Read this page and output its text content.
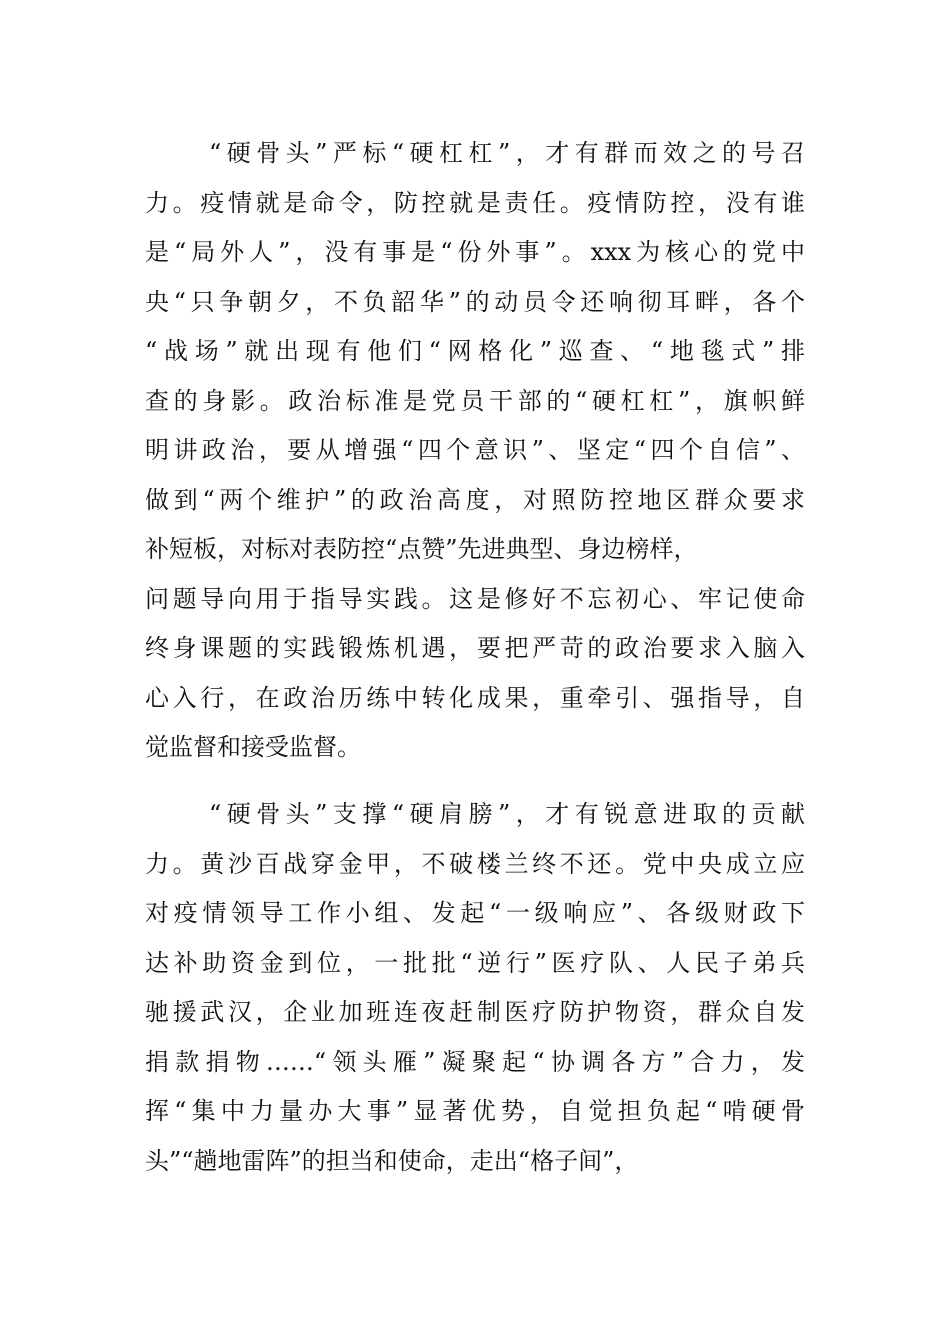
“硬骨头”严标“硬杠杠”，才有群而效之的号召
力。疫情就是命令，防控就是责任。疫情防控，没有谁
是“局外人”，没有事是“份外事”。xxx为核心的党中
央“只争朝夕，不负韶华”的动员令还响彻耳畔，各个
“战场”就出现有他们“网格化”巡查、“地毯式”排
查的身影。政治标准是党员干部的“硬杠杠”，旗帜鲜
明讲政治，要从增强“四个意识”、坚定“四个自信”、
做到“两个维护”的政治高度，对照防控地区群众要求
补短板，对标对表防控“点赞”先进典型、身边榜样，
问题导向用于指导实践。这是修好不忘初心、牢记使命
终身课题的实践锻炼机遇，要把严苛的政治要求入脑入
心入行，在政治历练中转化成果，重牵引、强指导，自
觉监督和接受监督。
“硬骨头”支撑“硬肩膀”，才有锐意进取的贡献
力。黄沙百战穿金甲，不破楼兰终不还。党中央成立应
对疫情领导工作小组、发起“一级响应”、各级财政下
达补助资金到位，一批批“逆行”医疗队、人民子弟兵
驰援武汉，企业加班连夜赶制医疗防护物资，群众自发
捐款捐物……“领头雁”凝聚起“协调各方”合力，发
挥“集中力量办大事”显著优势，自觉担负起“啃硬骨
头”“趟地雷阵”的担当和使命，走出“格子间”，
